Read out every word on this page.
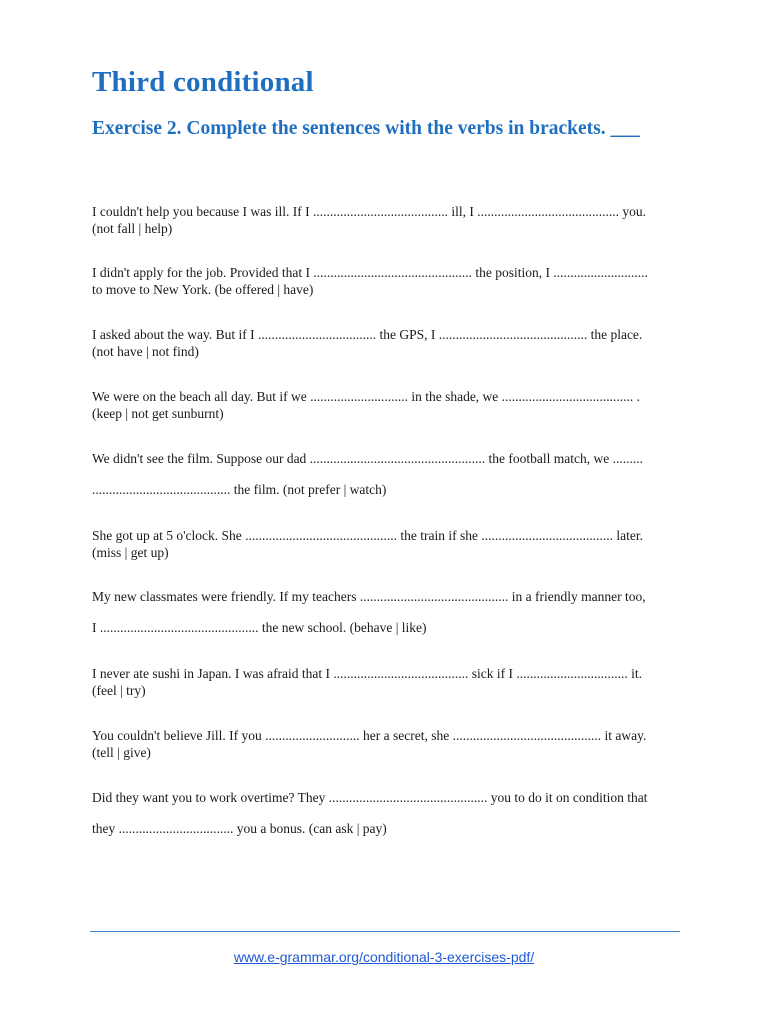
Third conditional
Exercise 2. Complete the sentences with the verbs in brackets. ___
I couldn't help you because I was ill. If I ........................................ ill, I .......................................... you.
(not fall | help)
I didn't apply for the job. Provided that I ............................................... the position, I ............................
to move to New York. (be offered | have)
I asked about the way. But if I ................................... the GPS, I ............................................ the place.
(not have | not find)
We were on the beach all day. But if we ............................. in the shade, we ....................................... .
(keep | not get sunburnt)
We didn't see the film. Suppose our dad .................................................... the football match, we .........
......................................... the film. (not prefer | watch)
She got up at 5 o'clock. She ............................................. the train if she ....................................... later.
(miss | get up)
My new classmates were friendly. If my teachers ............................................ in a friendly manner too,
I ............................................... the new school. (behave | like)
I never ate sushi in Japan. I was afraid that I ........................................ sick if I ................................. it.
(feel | try)
You couldn't believe Jill. If you ............................ her a secret, she ............................................ it away.
(tell | give)
Did they want you to work overtime? They ............................................... you to do it on condition that
they .................................. you a bonus. (can ask | pay)
www.e-grammar.org/conditional-3-exercises-pdf/
